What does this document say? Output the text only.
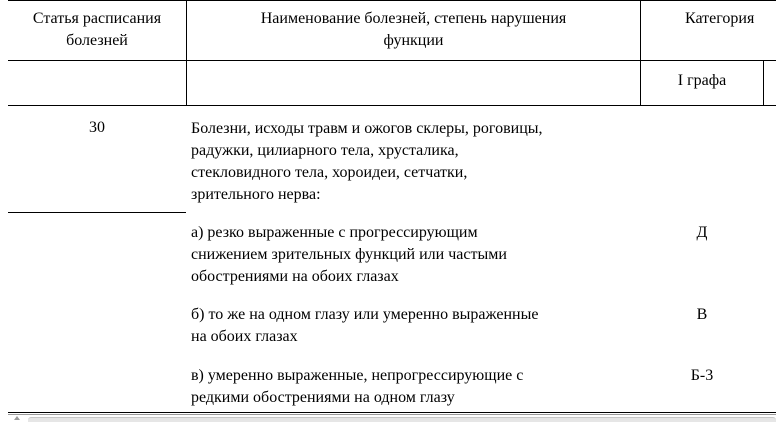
Статья расписания
болезней
Наименование болезней, степень нарушения
функции
Категория
I графа
30	Болезни, исходы травм и ожогов склеры, роговицы,
радужки, цилиарного тела, хрусталика,
стекловидного тела, хороидеи, сетчатки,
зрительного нерва:
а) резко выраженные с прогрессирующим
снижением зрительных функций или частыми
обострениями на обоих глазах
Д
б) то же на одном глазу или умеренно выраженные
на обоих глазах
В
в) умеренно выраженные, непрогрессирующие с
редкими обострениями на одном глазу
Б-3
